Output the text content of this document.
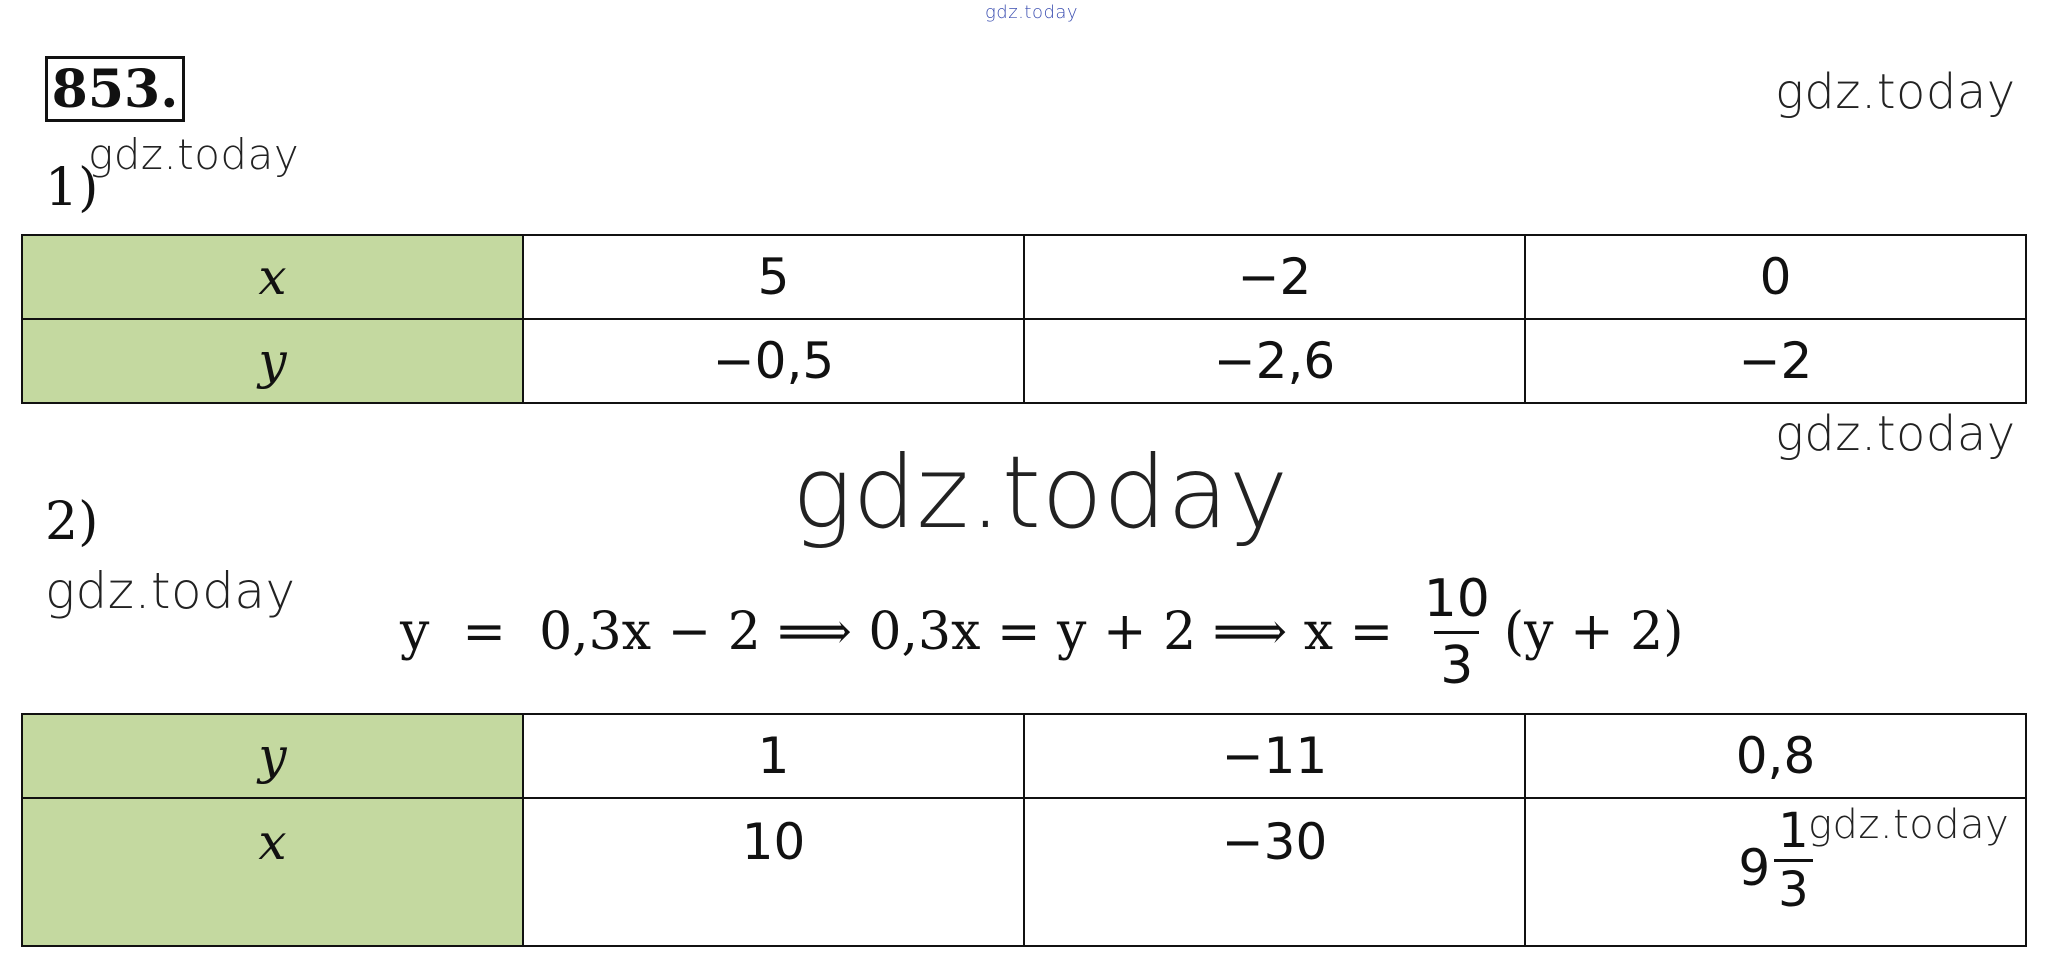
gdz.today
gdz.today
gdz.today
gdz.today
gdz.today
gdz.today
853.
1)
x	5	−2	0
y	−0,5	−2,6	−2
2)
y  =  0,3x − 2 ⟹ 0,3x = y + 2 ⟹ $x = \frac{10}{3} (y + 2)$
y	1	−11	0,8
x	10	−30	$9 \frac{1}{3}$
gdz.today
